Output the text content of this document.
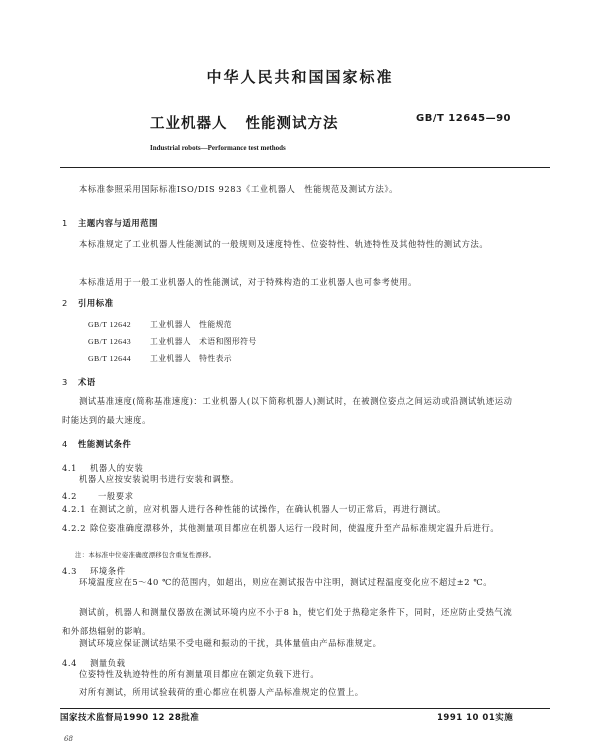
中华人民共和国国家标准
工业机器人 性能测试方法	GB/T 12645—90
Industrial robots—Performance test methods
本标准参照采用国际标准ISO/DIS 9283《工业机器人　性能规范及测试方法》。
1 主题内容与适用范围
本标准规定了工业机器人性能测试的一般规则及速度特性、位姿特性、轨迹特性及其他特性的测试方法。
本标准适用于一般工业机器人的性能测试，对于特殊构造的工业机器人也可参考使用。
2 引用标准
GB/T 12642 工业机器人　性能规范
GB/T 12643 工业机器人　术语和图形符号
GB/T 12644 工业机器人　特性表示
3 术语
测试基准速度(简称基准速度)：工业机器人(以下简称机器人)测试时，在被测位姿点之间运动或沿测试轨迹运动时能达到的最大速度。
4 性能测试条件
4.1 机器人的安装
机器人应按安装说明书进行安装和调整。
4.2	一般要求
4.2.1 在测试之前，应对机器人进行各种性能的试操作，在确认机器人一切正常后，再进行测试。
4.2.2 除位姿准确度漂移外，其他测量项目都应在机器人运行一段时间，使温度升至产品标准规定温升后进行。
注：本标准中位姿准确度漂移包含重复性漂移。
4.3 环境条件
环境温度应在5～40 ℃的范围内，如超出，则应在测试报告中注明，测试过程温度变化应不超过±2 ℃。
测试前，机器人和测量仪器放在测试环境内应不小于8 h，使它们处于热稳定条件下，同时，还应防止受热气流和外部热辐射的影响。
测试环境应保证测试结果不受电磁和振动的干扰，具体量值由产品标准规定。
4.4 测量负载
位姿特性及轨迹特性的所有测量项目都应在额定负载下进行。
对所有测试，所用试验载荷的重心都应在机器人产品标准规定的位置上。
国家技术监督局1990 12 28批准	1991 10 01实施
68
